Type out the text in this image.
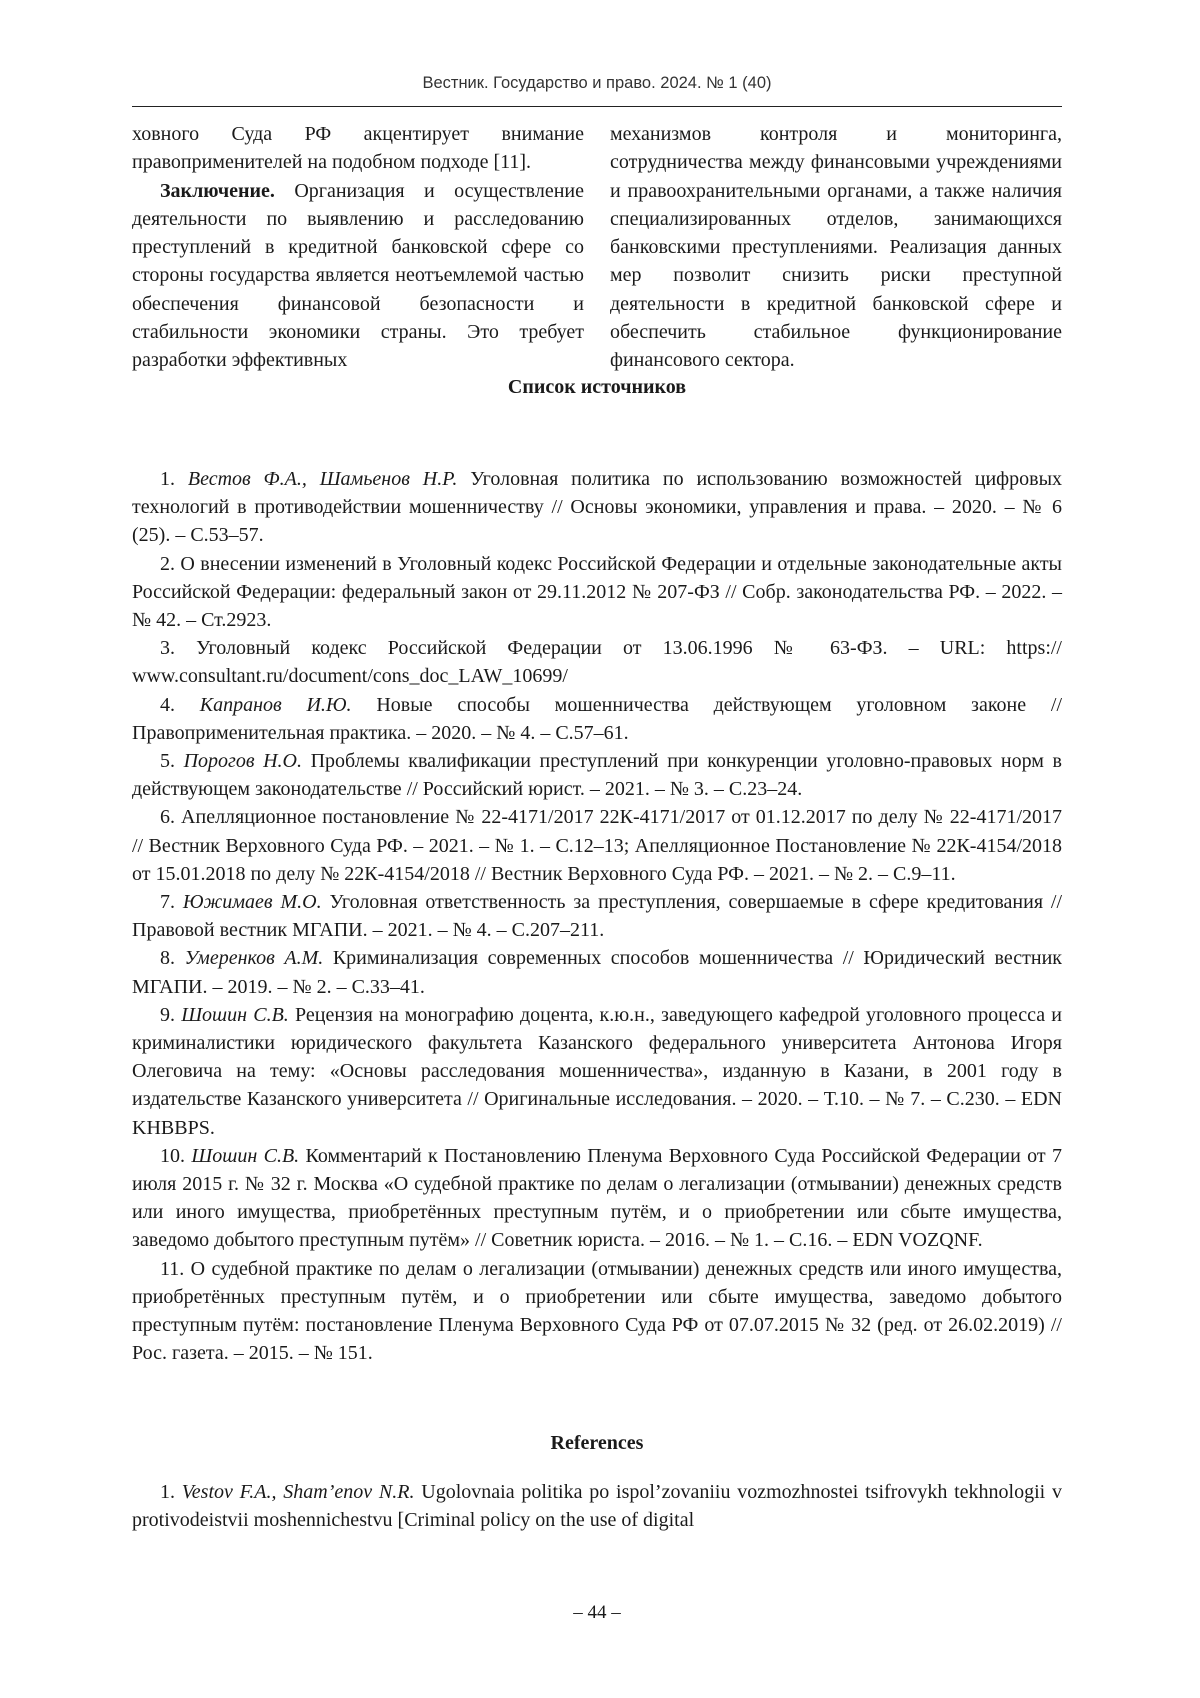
Вестник. Государство и право. 2024. № 1 (40)

ховного Суда РФ акцентирует внимание правоприменителей на подобном подходе [11].

Заключение. Организация и осуществление деятельности по выявлению и расследованию преступлений в кредитной банковской сфере со стороны государства является неотъемлемой частью обеспечения финансовой безопасности и стабильности экономики страны. Это требует разработки эффективных

механизмов контроля и мониторинга, сотрудничества между финансовыми учреждениями и правоохранительными органами, а также наличия специализированных отделов, занимающихся банковскими преступлениями. Реализация данных мер позволит снизить риски преступной деятельности в кредитной банковской сфере и обеспечить стабильное функционирование финансового сектора.

Список источников

1. Вестов Ф.А., Шамьенов Н.Р. Уголовная политика по использованию возможностей цифровых технологий в противодействии мошенничеству // Основы экономики, управления и права. – 2020. – № 6 (25). – С.53–57.

2. О внесении изменений в Уголовный кодекс Российской Федерации и отдельные законодательные акты Российской Федерации: федеральный закон от 29.11.2012 № 207-ФЗ // Собр. законодательства РФ. – 2022. – № 42. – Ст.2923.

3. Уголовный кодекс Российской Федерации от 13.06.1996 № 63-ФЗ. – URL: https:// www.consultant.ru/document/cons_doc_LAW_10699/

4. Капранов И.Ю. Новые способы мошенничества действующем уголовном законе // Правоприменительная практика. – 2020. – № 4. – С.57–61.

5. Порогов Н.О. Проблемы квалификации преступлений при конкуренции уголовно-правовых норм в действующем законодательстве // Российский юрист. – 2021. – № 3. – С.23–24.

6. Апелляционное постановление № 22-4171/2017 22К-4171/2017 от 01.12.2017 по делу № 22-4171/2017 // Вестник Верховного Суда РФ. – 2021. – № 1. – С.12–13; Апелляционное Постановление № 22К-4154/2018 от 15.01.2018 по делу № 22К-4154/2018 // Вестник Верховного Суда РФ. – 2021. – № 2. – С.9–11.

7. Южимаев М.О. Уголовная ответственность за преступления, совершаемые в сфере кредитования // Правовой вестник МГАПИ. – 2021. – № 4. – С.207–211.

8. Умеренков А.М. Криминализация современных способов мошенничества // Юридический вестник МГАПИ. – 2019. – № 2. – С.33–41.

9. Шошин С.В. Рецензия на монографию доцента, к.ю.н., заведующего кафедрой уголовного процесса и криминалистики юридического факультета Казанского федерального университета Антонова Игоря Олеговича на тему: «Основы расследования мошенничества», изданную в Казани, в 2001 году в издательстве Казанского университета // Оригинальные исследования. – 2020. – Т.10. – № 7. – С.230. – EDN KHBBPS.

10. Шошин С.В. Комментарий к Постановлению Пленума Верховного Суда Российской Федерации от 7 июля 2015 г. № 32 г. Москва «О судебной практике по делам о легализации (отмывании) денежных средств или иного имущества, приобретённых преступным путём, и о приобретении или сбыте имущества, заведомо добытого преступным путём» // Советник юриста. – 2016. – № 1. – С.16. – EDN VOZQNF.

11. О судебной практике по делам о легализации (отмывании) денежных средств или иного имущества, приобретённых преступным путём, и о приобретении или сбыте имущества, заведомо добытого преступным путём: постановление Пленума Верховного Суда РФ от 07.07.2015 № 32 (ред. от 26.02.2019) // Рос. газета. – 2015. – № 151.

References

1. Vestov F.A., Sham’enov N.R. Ugolovnaia politika po ispol’zovaniiu vozmozhnostei tsifrovykh tekhnologii v protivodeistvii moshennichestvu [Criminal policy on the use of digital

– 44 –
